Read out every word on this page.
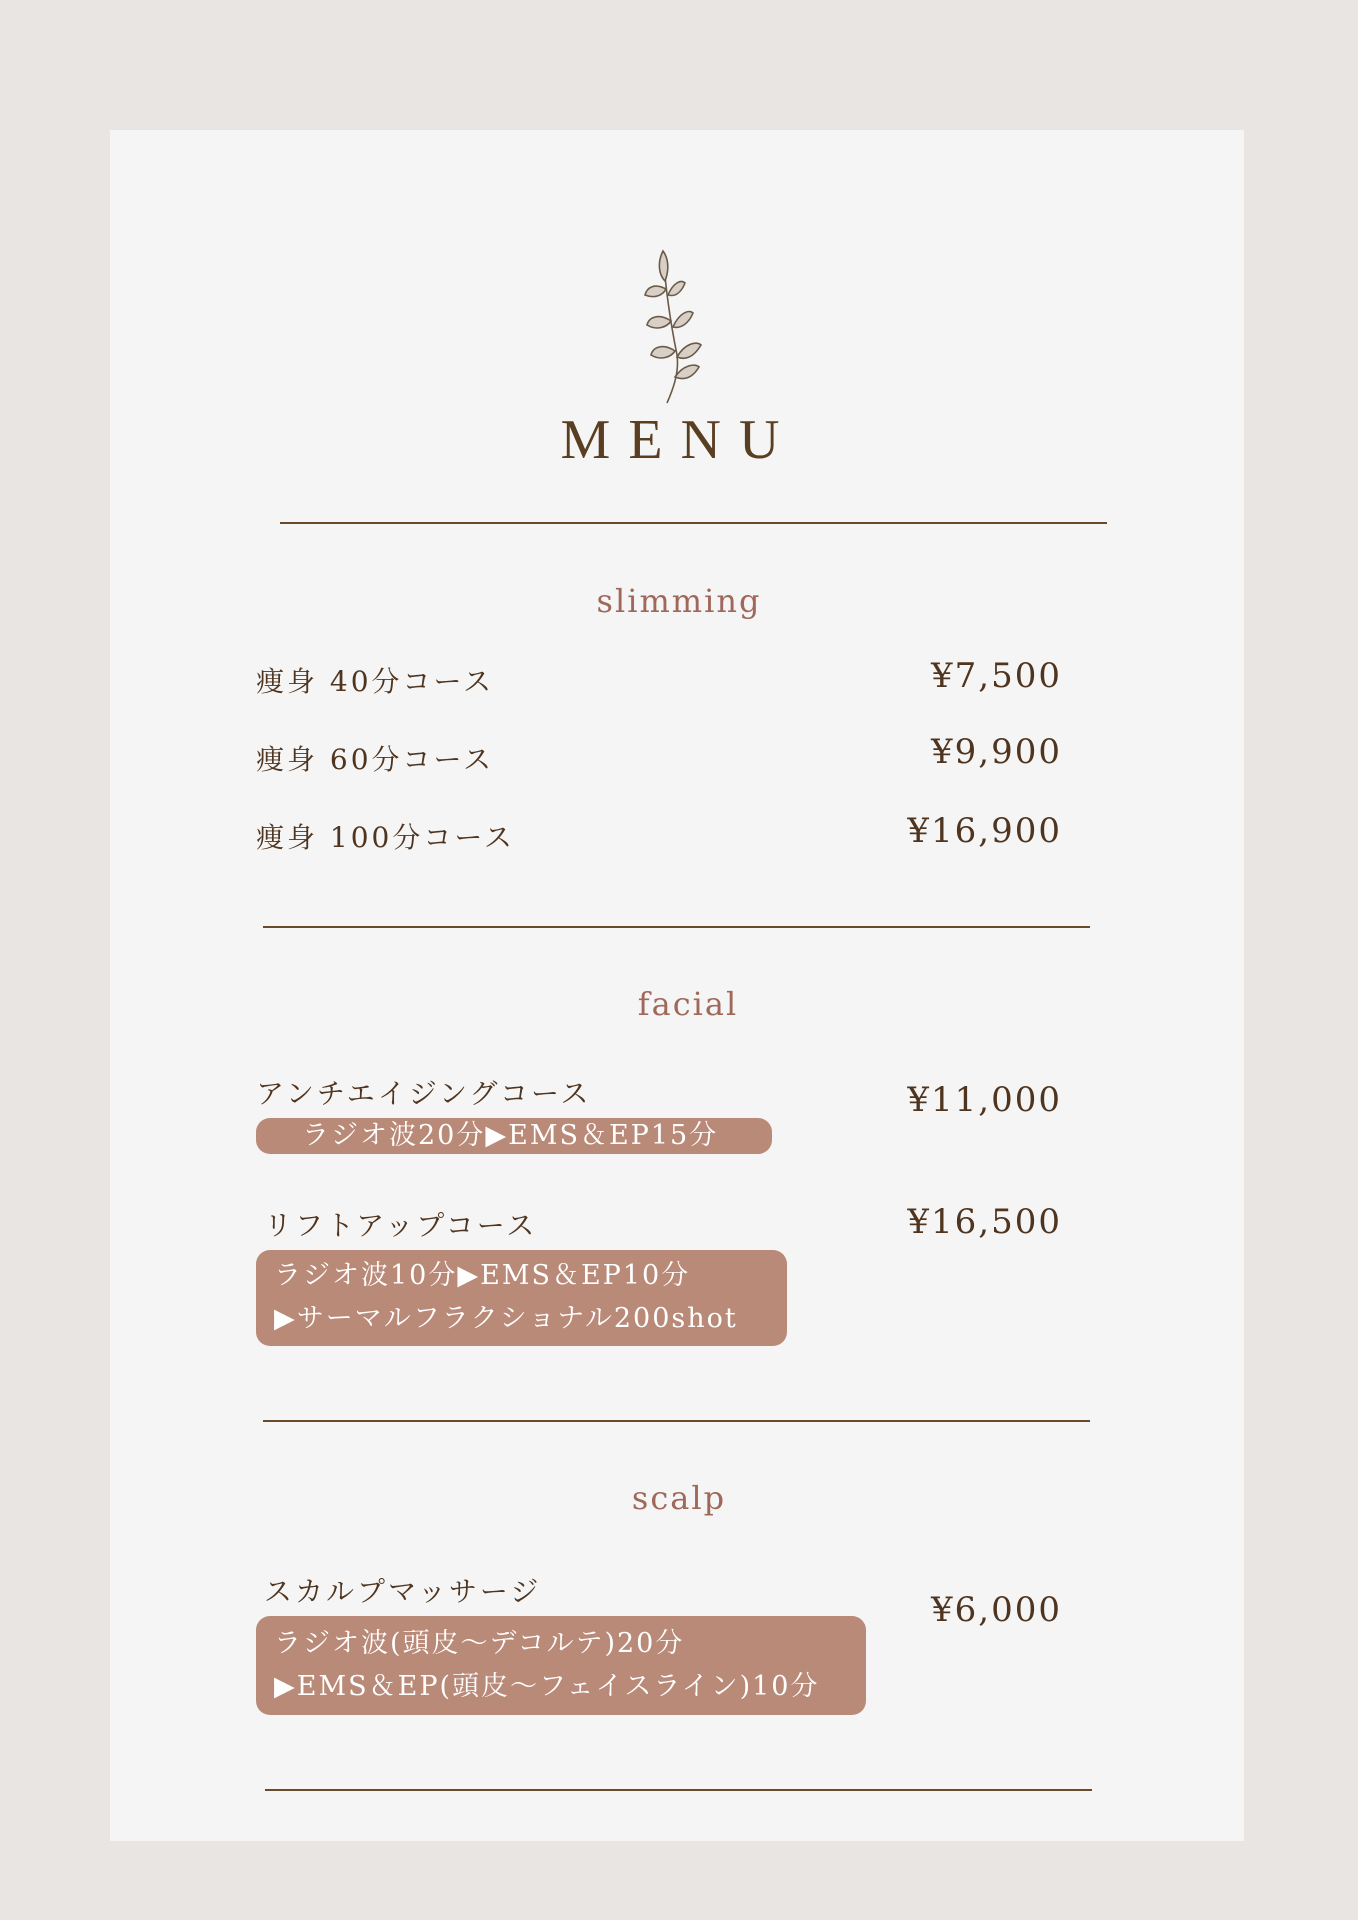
MENU
slimming
痩身 40分コース	¥7,500
痩身 60分コース	¥9,900
痩身 100分コース	¥16,900
facial
アンチエイジングコース	¥11,000
ラジオ波20分▶EMS＆EP15分
リフトアップコース	¥16,500
ラジオ波10分▶EMS＆EP10分
▶サーマルフラクショナル200shot
scalp
スカルプマッサージ	¥6,000
ラジオ波(頭皮～デコルテ)20分
▶EMS＆EP(頭皮～フェイスライン)10分
